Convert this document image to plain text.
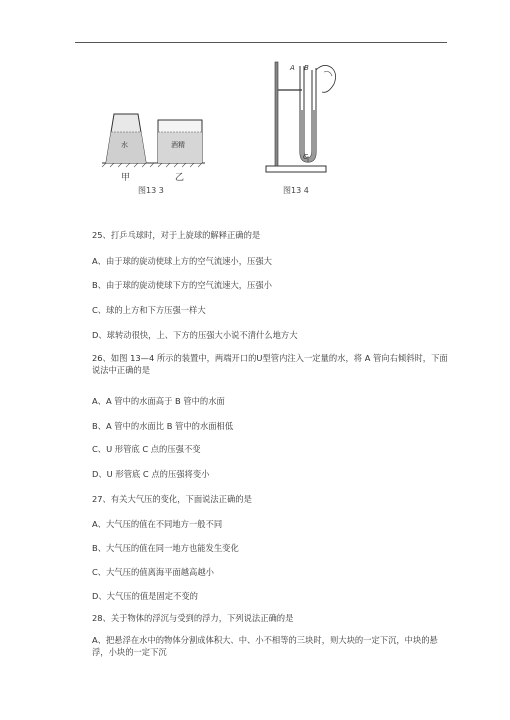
水	酒精
甲	乙
图13 3
A B
C
图13 4
25、打乒乓球时，对于上旋球的解释正确的是
A、由于球的旋动使球上方的空气流速小，压强大
B、由于球的旋动使球下方的空气流速大，压强小
C、球的上方和下方压强一样大
D、球转动很快，上、下方的压强大小说不清什么地方大
26、如图 13—4 所示的装置中，两端开口的U型管内注入一定量的水，将 A 管向右倾斜时，下面说法中正确的是
A、A 管中的水面高于 B 管中的水面
B、A 管中的水面比 B 管中的水面相低
C、U 形管底 C 点的压强不变
D、U 形管底 C 点的压强将变小
27、有关大气压的变化，下面说法正确的是
A、大气压的值在不同地方一般不同
B、大气压的值在同一地方也能发生变化
C、大气压的值离海平面越高越小
D、大气压的值是固定不变的
28、关于物体的浮沉与受到的浮力，下列说法正确的是
A、把悬浮在水中的物体分割成体积大、中、小不相等的三块时，则大块的一定下沉，中块的悬浮，小块的一定下沉
